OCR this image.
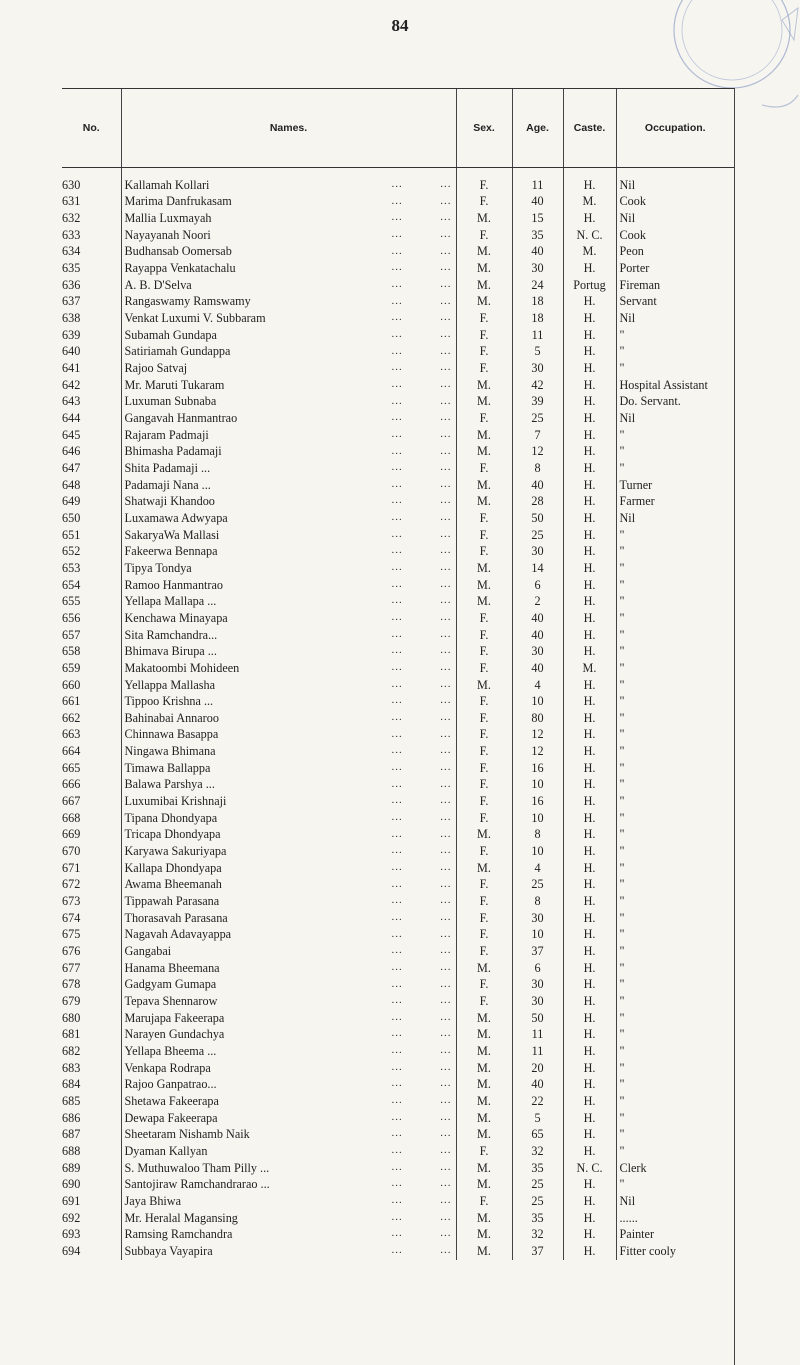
84
No.	Names.	Sex.	Age.	Caste.	Occupation.

630	Kallamah Kollari ...	F.	11	H.	Nil
631	Marima Danfrukasam ...	F.	40	M.	Cook
632	Mallia Luxmayah ...	M.	15	H.	Nil
633	Nayayanah Noori ...	F.	35	N. C.	Cook
634	Budhansab Oomersab ...	M.	40	M.	Peon
635	Rayappa Venkatachalu ...	M.	30	H.	Porter
636	A. B. D'Selva ...	M.	24	Portug	Fireman
637	Rangaswamy Ramswamy ...	M.	18	H.	Servant
638	Venkat Luxumi V. Subbaram ...	F.	18	H.	Nil
639	Subamah Gundapa ...	F.	11	H.	"
640	Satiriamah Gundappa ...	F.	5	H.	"
641	Rajoo Satvaj ...	F.	30	H.	"
642	Mr. Maruti Tukaram ...	M.	42	H.	Hospital Assistant
643	Luxuman Subnaba ...	M.	39	H.	Do. Servant.
644	Gangavah Hanmantrao ...	F.	25	H.	Nil
645	Rajaram Padmaji ...	M.	7	H.	"
646	Bhimasha Padamaji ...	M.	12	H.	"
647	Shita Padamaji ... ...	F.	8	H.	"
648	Padamaji Nana ... ...	M.	40	H.	Turner
649	Shatwaji Khandoo ...	M.	28	H.	Farmer
650	Luxamawa Adwyapa ...	F.	50	H.	Nil
651	SakaryaWa Mallasi ...	F.	25	H.	"
652	Fakeerwa Bennapa ...	F.	30	H.	"
653	Tipya Tondya ...	M.	14	H.	"
654	Ramoo Hanmantrao ...	M.	6	H.	"
655	Yellapa Mallapa ... ...	M.	2	H.	"
656	Kenchawa Minayapa ...	F.	40	H.	"
657	Sita Ramchandra... ...	F.	40	H.	"
658	Bhimava Birupa ... ...	F.	30	H.	"
659	Makatoombi Mohideen ...	F.	40	M.	"
660	Yellappa Mallasha ...	M.	4	H.	"
661	Tippoo Krishna ... ...	F.	10	H.	"
662	Bahinabai Annaroo ...	F.	80	H.	"
663	Chinnawa Basappa ...	F.	12	H.	"
664	Ningawa Bhimana ...	F.	12	H.	"
665	Timawa Ballappa ...	F.	16	H.	"
666	Balawa Parshya ... ...	F.	10	H.	"
667	Luxumibai Krishnaji ...	F.	16	H.	"
668	Tipana Dhondyapa ...	F.	10	H.	"
669	Tricapa Dhondyapa ...	M.	8	H.	"
670	Karyawa Sakuriyapa ...	F.	10	H.	"
671	Kallapa Dhondyapa ...	M.	4	H.	"
672	Awama Bheemanah ...	F.	25	H.	"
673	Tippawah Parasana ...	F.	8	H.	"
674	Thorasavah Parasana ...	F.	30	H.	"
675	Nagavah Adavayappa ...	F.	10	H.	"
676	Gangabai ...	F.	37	H.	"
677	Hanama Bheemana ...	M.	6	H.	"
678	Gadgyam Gumapa ...	F.	30	H.	"
679	Tepava Shennarow ...	F.	30	H.	"
680	Marujapa Fakeerapa ...	M.	50	H.	"
681	Narayen Gundachya ...	M.	11	H.	"
682	Yellapa Bheema ... ...	M.	11	H.	"
683	Venkapa Rodrapa ...	M.	20	H.	"
684	Rajoo Ganpatrao... ...	M.	40	H.	"
685	Shetawa Fakeerapa ...	M.	22	H.	"
686	Dewapa Fakeerapa ...	M.	5	H.	"
687	Sheetaram Nishamb Naik ...	M.	65	H.	"
688	Dyaman Kallyan ...	F.	32	H.	"
689	S. Muthuwaloo Tham Pilly ... ...	M.	35	N. C.	Clerk
690	Santojiraw Ramchandrarao ... ...	M.	25	H.	"
691	Jaya Bhiwa ...	F.	25	H.	Nil
692	Mr. Heralal Magansing ...	M.	35	H.	......
693	Ramsing Ramchandra ...	M.	32	H.	Painter
694	Subbaya Vayapira ...	M.	37	H.	Fitter cooly
